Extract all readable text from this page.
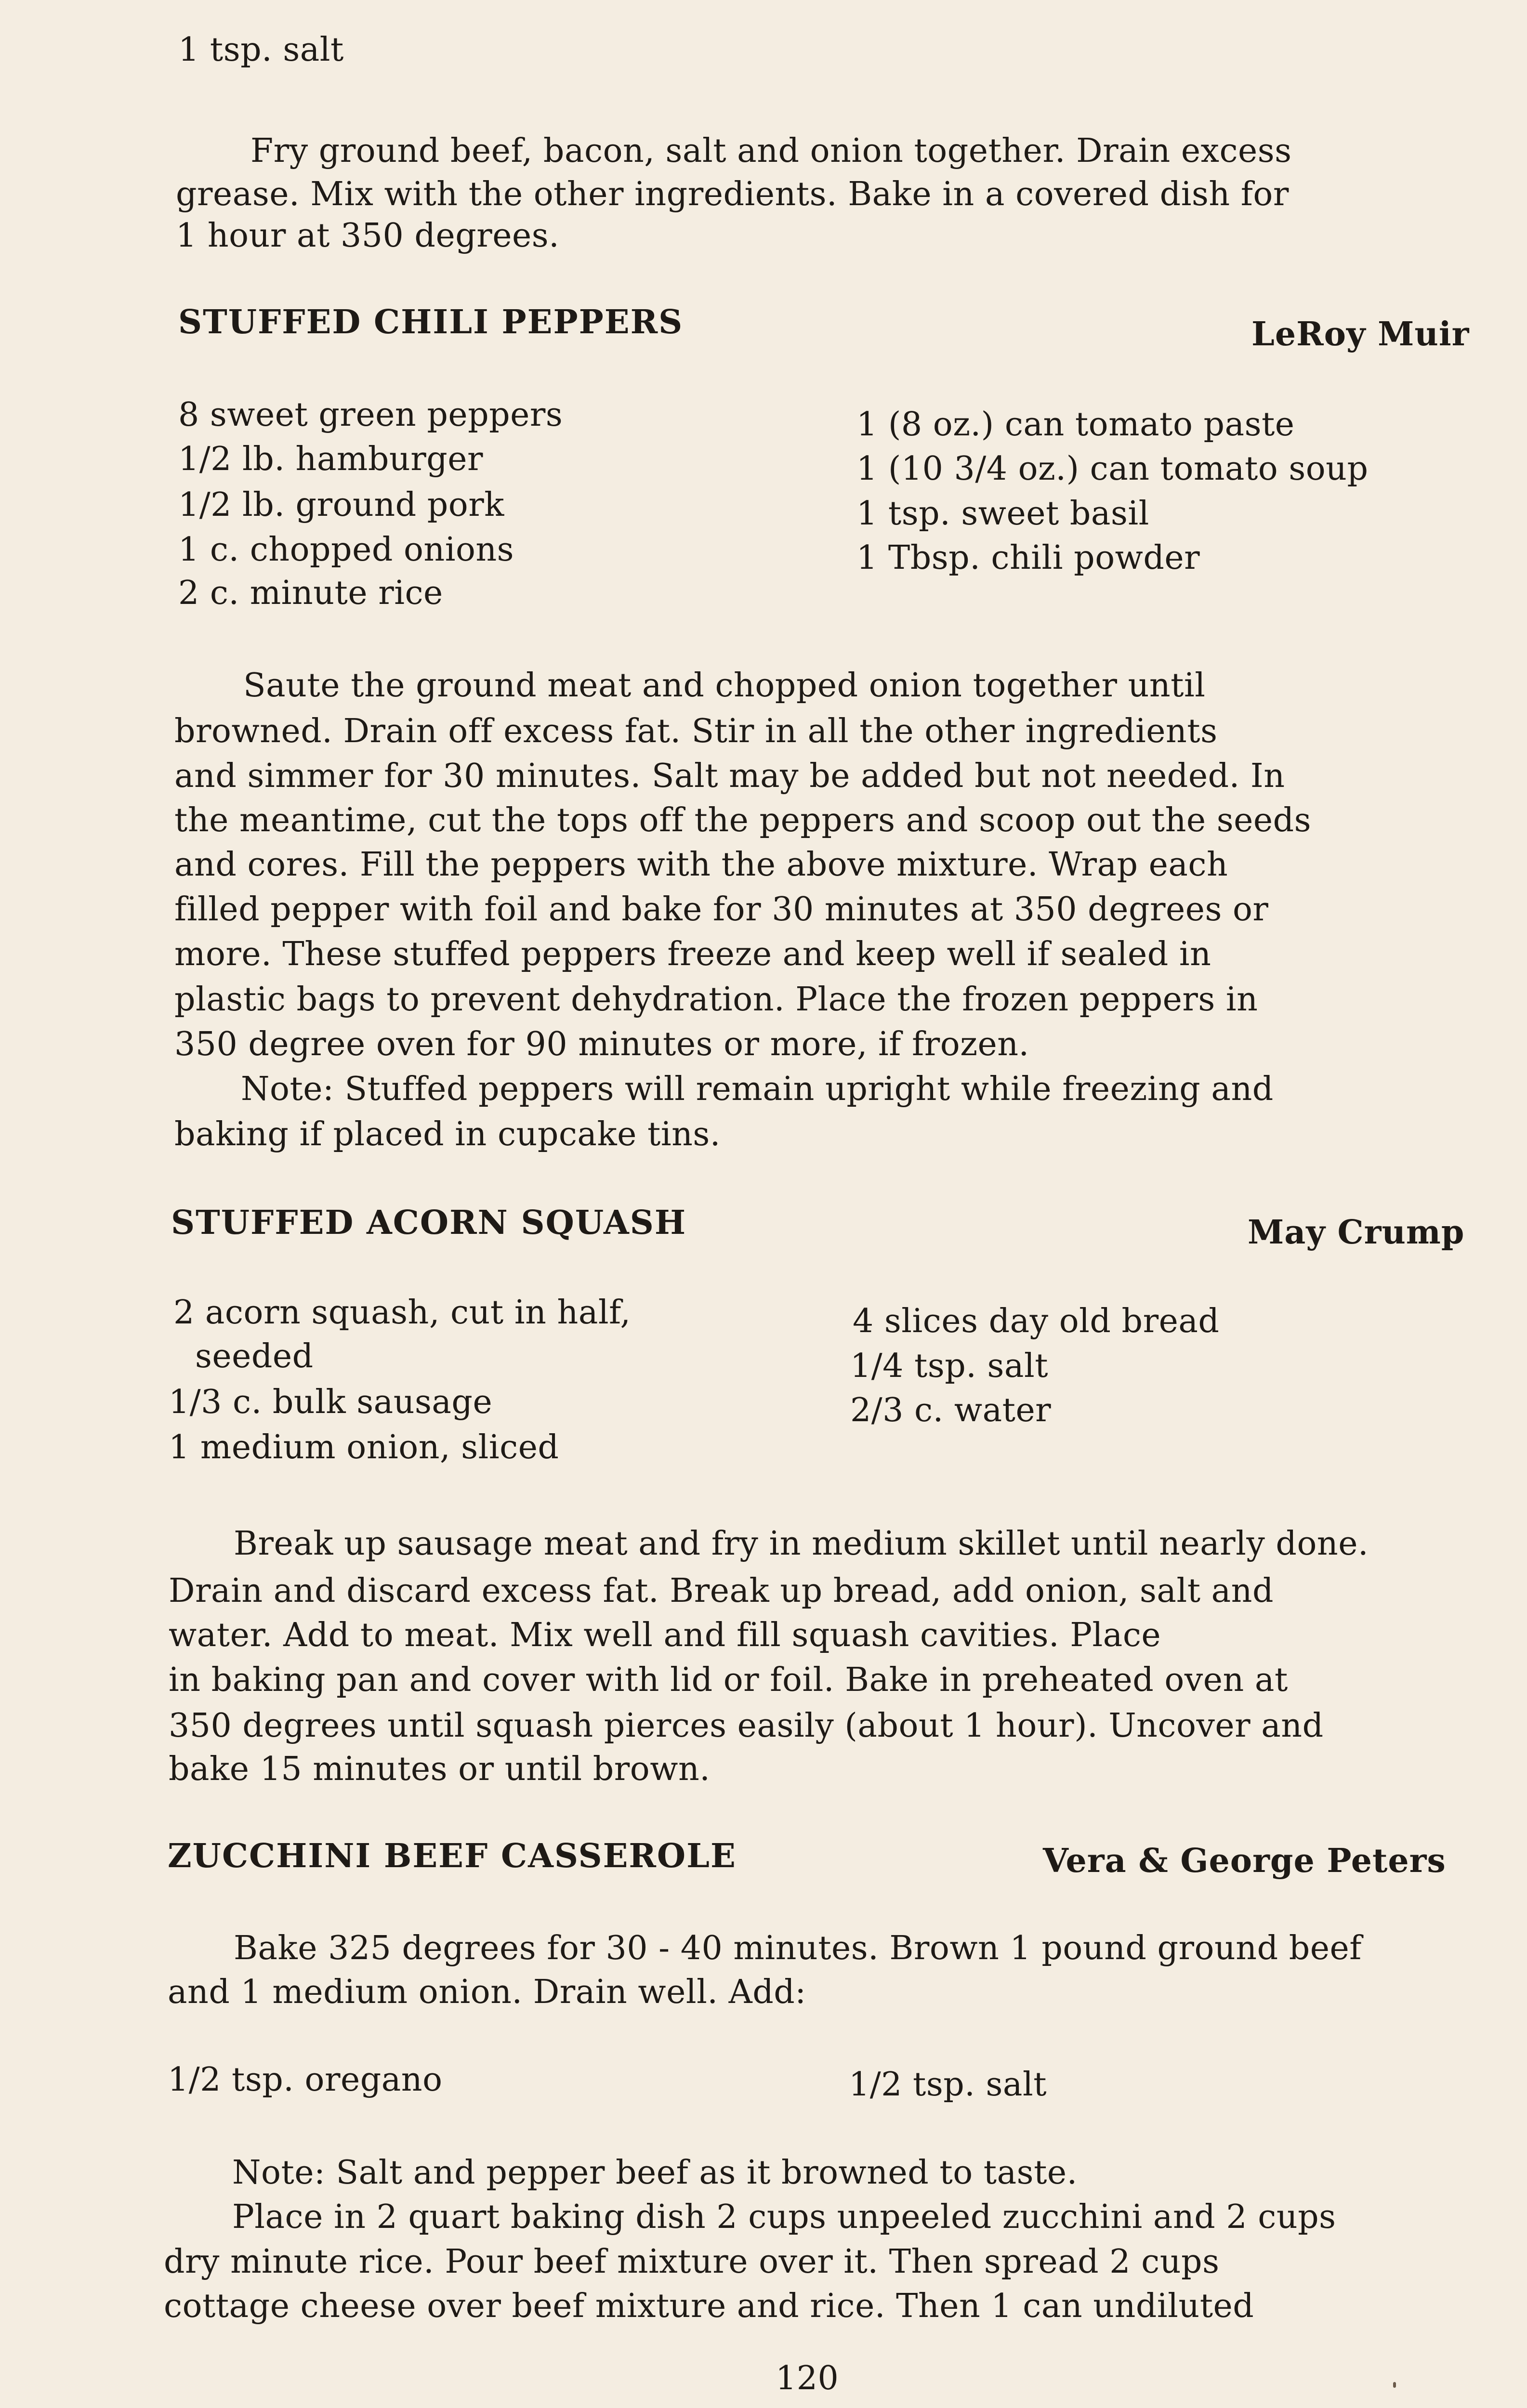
1 tsp. salt
Fry ground beef, bacon, salt and onion together. Drain excess
grease. Mix with the other ingredients. Bake in a covered dish for
1 hour at 350 degrees.
STUFFED CHILI PEPPERS	LeRoy Muir
8 sweet green peppers
1/2 lb. hamburger
1/2 lb. ground pork
1 c. chopped onions
2 c. minute rice
1 (8 oz.) can tomato paste
1 (10 3/4 oz.) can tomato soup
1 tsp. sweet basil
1 Tbsp. chili powder
Saute the ground meat and chopped onion together until
browned. Drain off excess fat. Stir in all the other ingredients
and simmer for 30 minutes. Salt may be added but not needed. In
the meantime, cut the tops off the peppers and scoop out the seeds
and cores. Fill the peppers with the above mixture. Wrap each
filled pepper with foil and bake for 30 minutes at 350 degrees or
more. These stuffed peppers freeze and keep well if sealed in
plastic bags to prevent dehydration. Place the frozen peppers in
350 degree oven for 90 minutes or more, if frozen.
Note: Stuffed peppers will remain upright while freezing and
baking if placed in cupcake tins.
STUFFED ACORN SQUASH	May Crump
2 acorn squash, cut in half,
seeded
1/3 c. bulk sausage
1 medium onion, sliced
4 slices day old bread
1/4 tsp. salt
2/3 c. water
Break up sausage meat and fry in medium skillet until nearly done.
Drain and discard excess fat. Break up bread, add onion, salt and
water. Add to meat. Mix well and fill squash cavities. Place
in baking pan and cover with lid or foil. Bake in preheated oven at
350 degrees until squash pierces easily (about 1 hour). Uncover and
bake 15 minutes or until brown.
ZUCCHINI BEEF CASSEROLE	Vera & George Peters
Bake 325 degrees for 30 - 40 minutes. Brown 1 pound ground beef
and 1 medium onion. Drain well. Add:
1/2 tsp. oregano	1/2 tsp. salt
Note: Salt and pepper beef as it browned to taste.
Place in 2 quart baking dish 2 cups unpeeled zucchini and 2 cups
dry minute rice. Pour beef mixture over it. Then spread 2 cups
cottage cheese over beef mixture and rice. Then 1 can undiluted
120
